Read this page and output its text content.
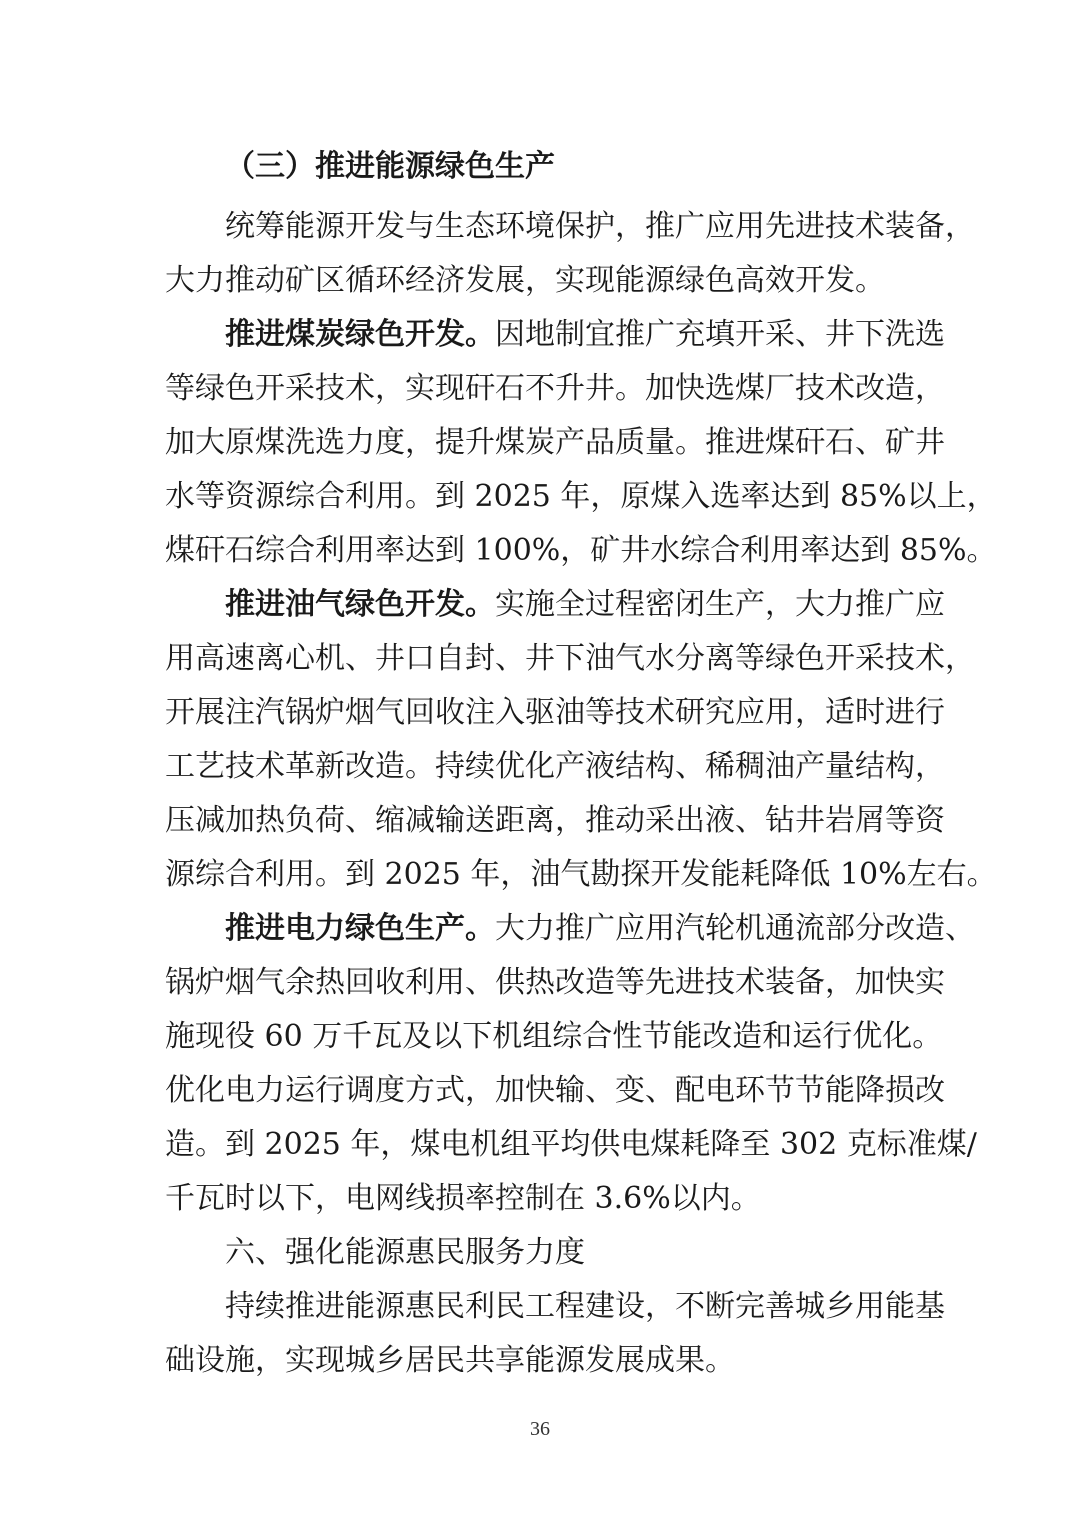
（三）推进能源绿色生产
统筹能源开发与生态环境保护，推广应用先进技术装备，
大力推动矿区循环经济发展，实现能源绿色高效开发。
推进煤炭绿色开发。因地制宜推广充填开采、井下洗选
等绿色开采技术，实现矸石不升井。加快选煤厂技术改造，
加大原煤洗选力度，提升煤炭产品质量。推进煤矸石、矿井
水等资源综合利用。到 2025 年，原煤入选率达到 85%以上，
煤矸石综合利用率达到 100%，矿井水综合利用率达到 85%。
推进油气绿色开发。实施全过程密闭生产，大力推广应
用高速离心机、井口自封、井下油气水分离等绿色开采技术，
开展注汽锅炉烟气回收注入驱油等技术研究应用，适时进行
工艺技术革新改造。持续优化产液结构、稀稠油产量结构，
压减加热负荷、缩减输送距离，推动采出液、钻井岩屑等资
源综合利用。到 2025 年，油气勘探开发能耗降低 10%左右。
推进电力绿色生产。大力推广应用汽轮机通流部分改造、
锅炉烟气余热回收利用、供热改造等先进技术装备，加快实
施现役 60 万千瓦及以下机组综合性节能改造和运行优化。
优化电力运行调度方式，加快输、变、配电环节节能降损改
造。到 2025 年，煤电机组平均供电煤耗降至 302 克标准煤/
千瓦时以下，电网线损率控制在 3.6%以内。
六、强化能源惠民服务力度
持续推进能源惠民利民工程建设，不断完善城乡用能基
础设施，实现城乡居民共享能源发展成果。
36
